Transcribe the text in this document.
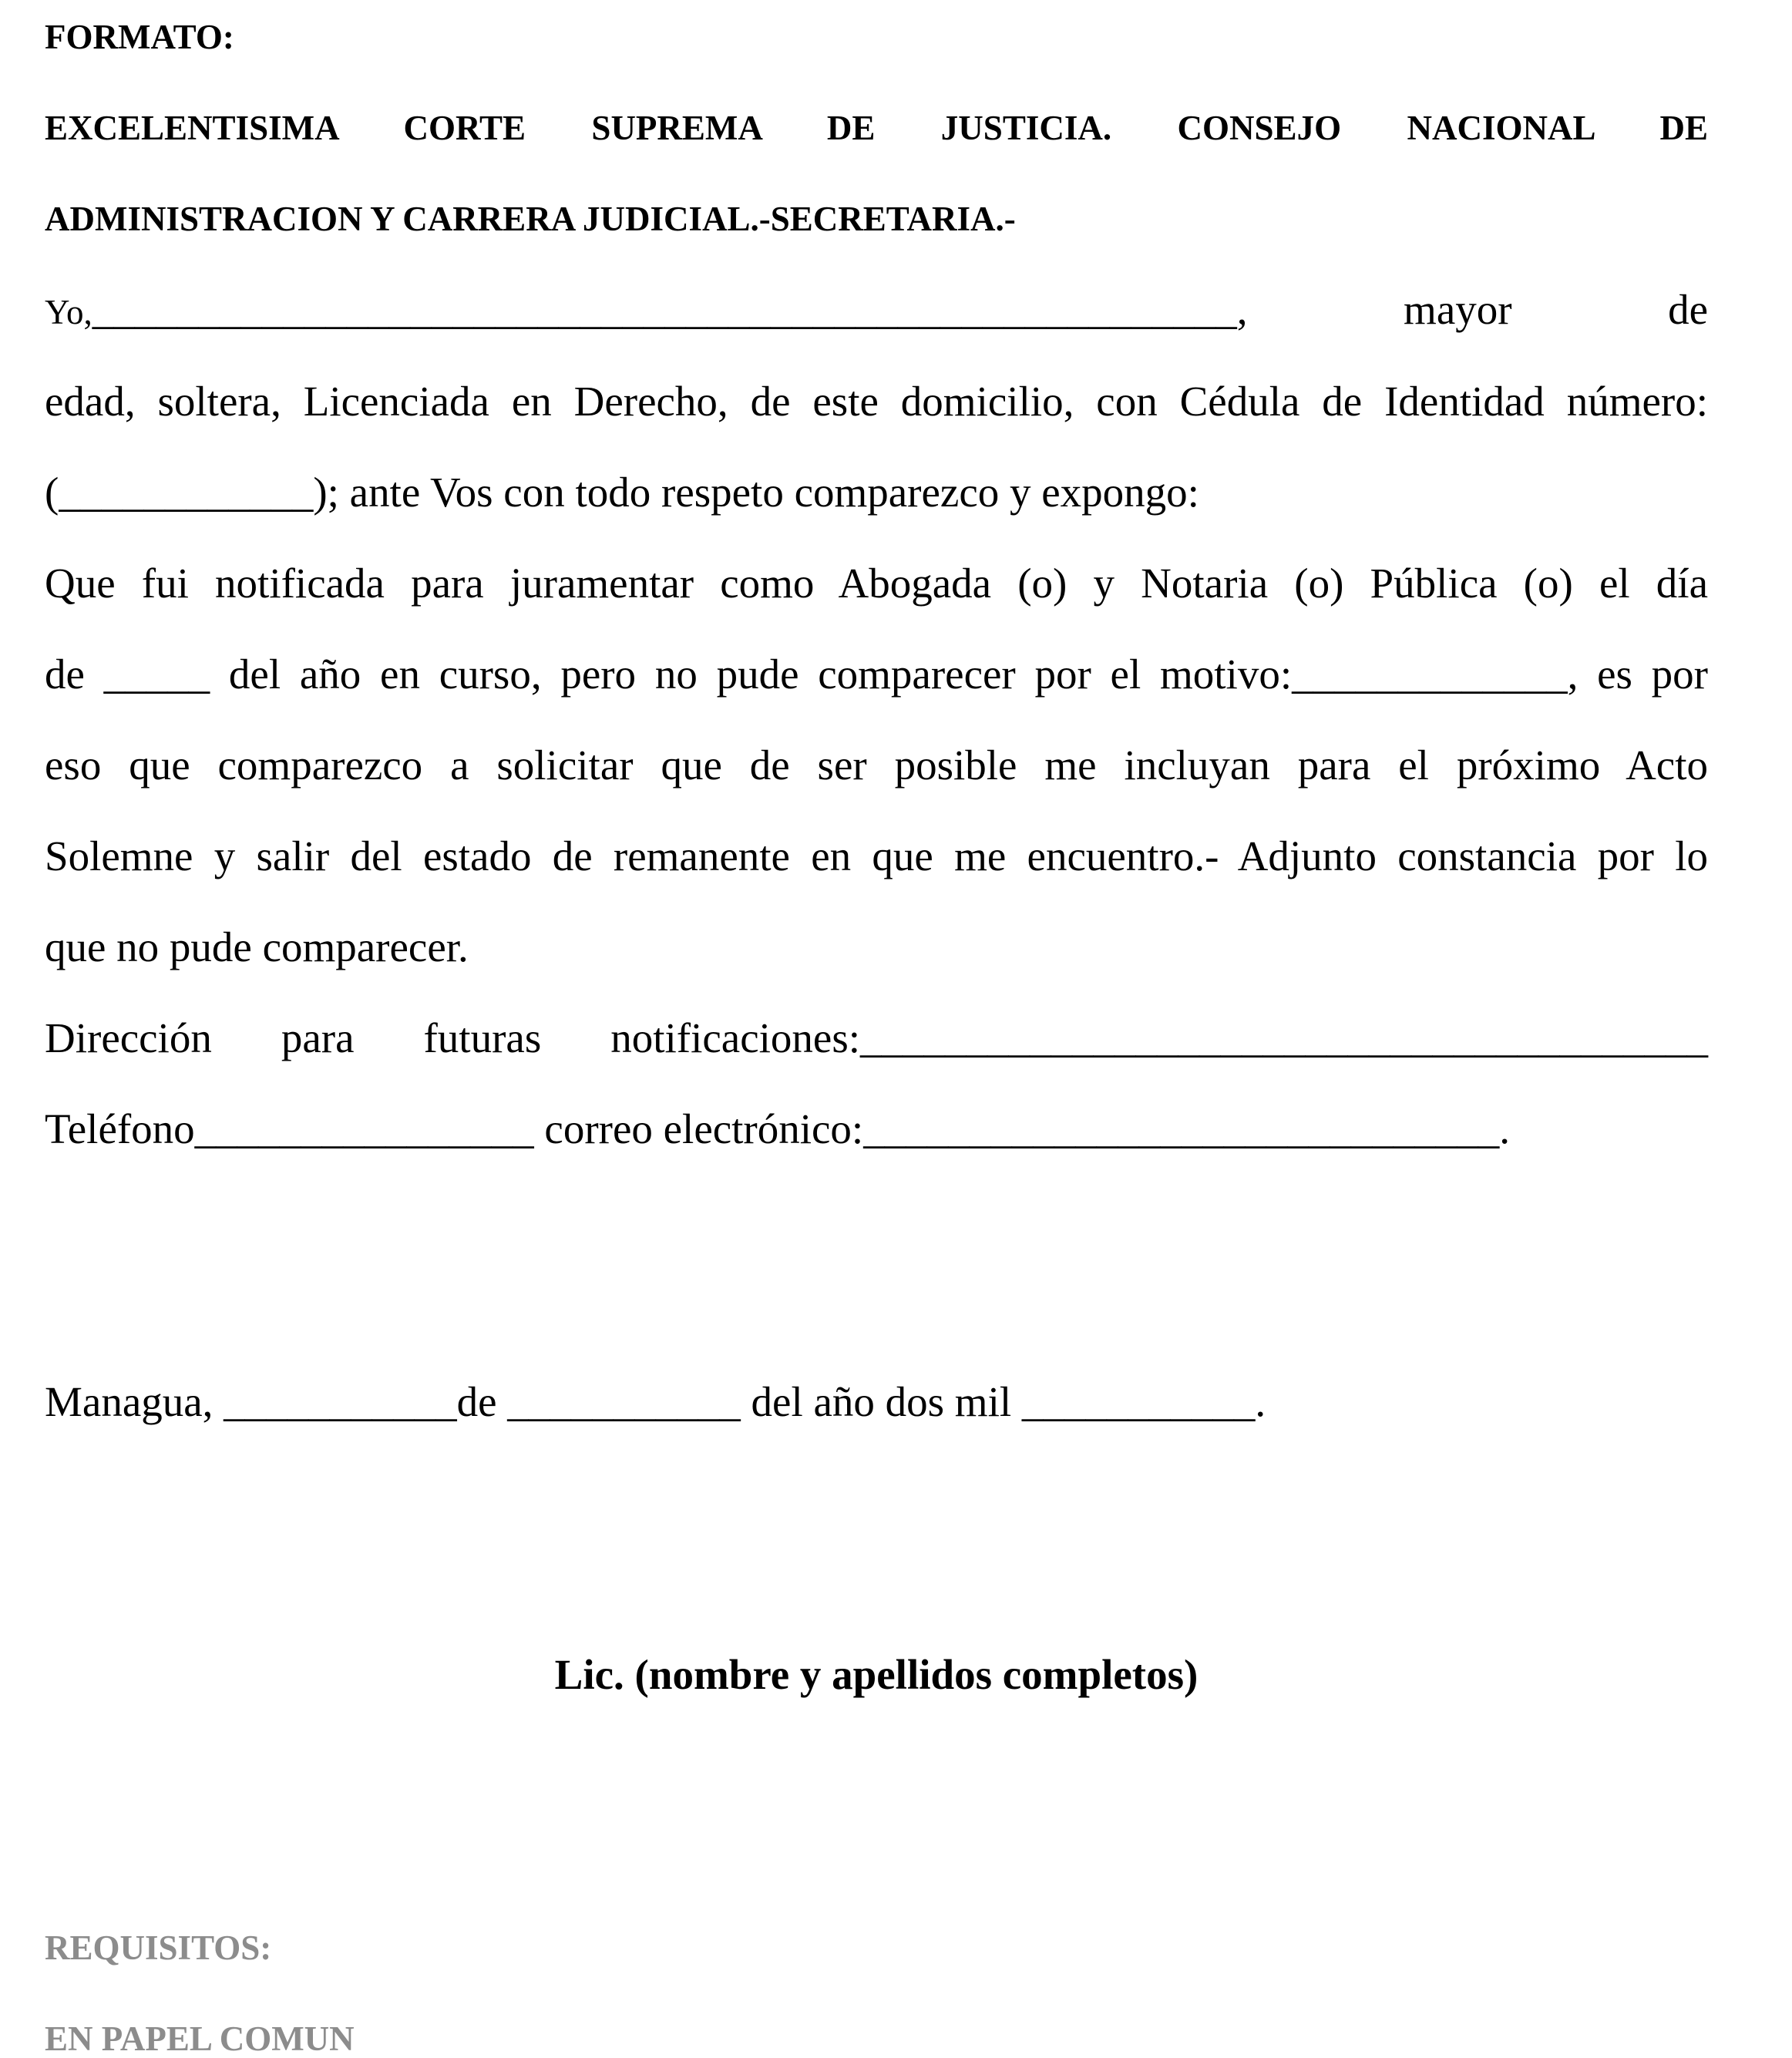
FORMATO:
EXCELENTISIMA CORTE SUPREMA DE JUSTICIA. CONSEJO NACIONAL DE
ADMINISTRACION Y CARRERA JUDICIAL.-SECRETARIA.-
Yo,______________________________________________________, mayor de
edad, soltera, Licenciada en Derecho, de este domicilio, con Cédula de Identidad número:
(____________); ante Vos con todo respeto comparezco y expongo:
Que fui notificada para juramentar como Abogada (o) y Notaria (o) Pública (o) el día
de _____ del año en curso, pero no pude comparecer por el motivo:_____________, es por
eso que comparezco a solicitar que de ser posible me incluyan para el próximo Acto
Solemne y salir del estado de remanente en que me encuentro.- Adjunto constancia por lo
que no pude comparecer.
Dirección para futuras notificaciones:________________________________________
Teléfono________________ correo electrónico:______________________________.
Managua, ___________de ___________ del año dos mil ___________.
Lic. (nombre y apellidos completos)
REQUISITOS:
EN PAPEL COMUN
